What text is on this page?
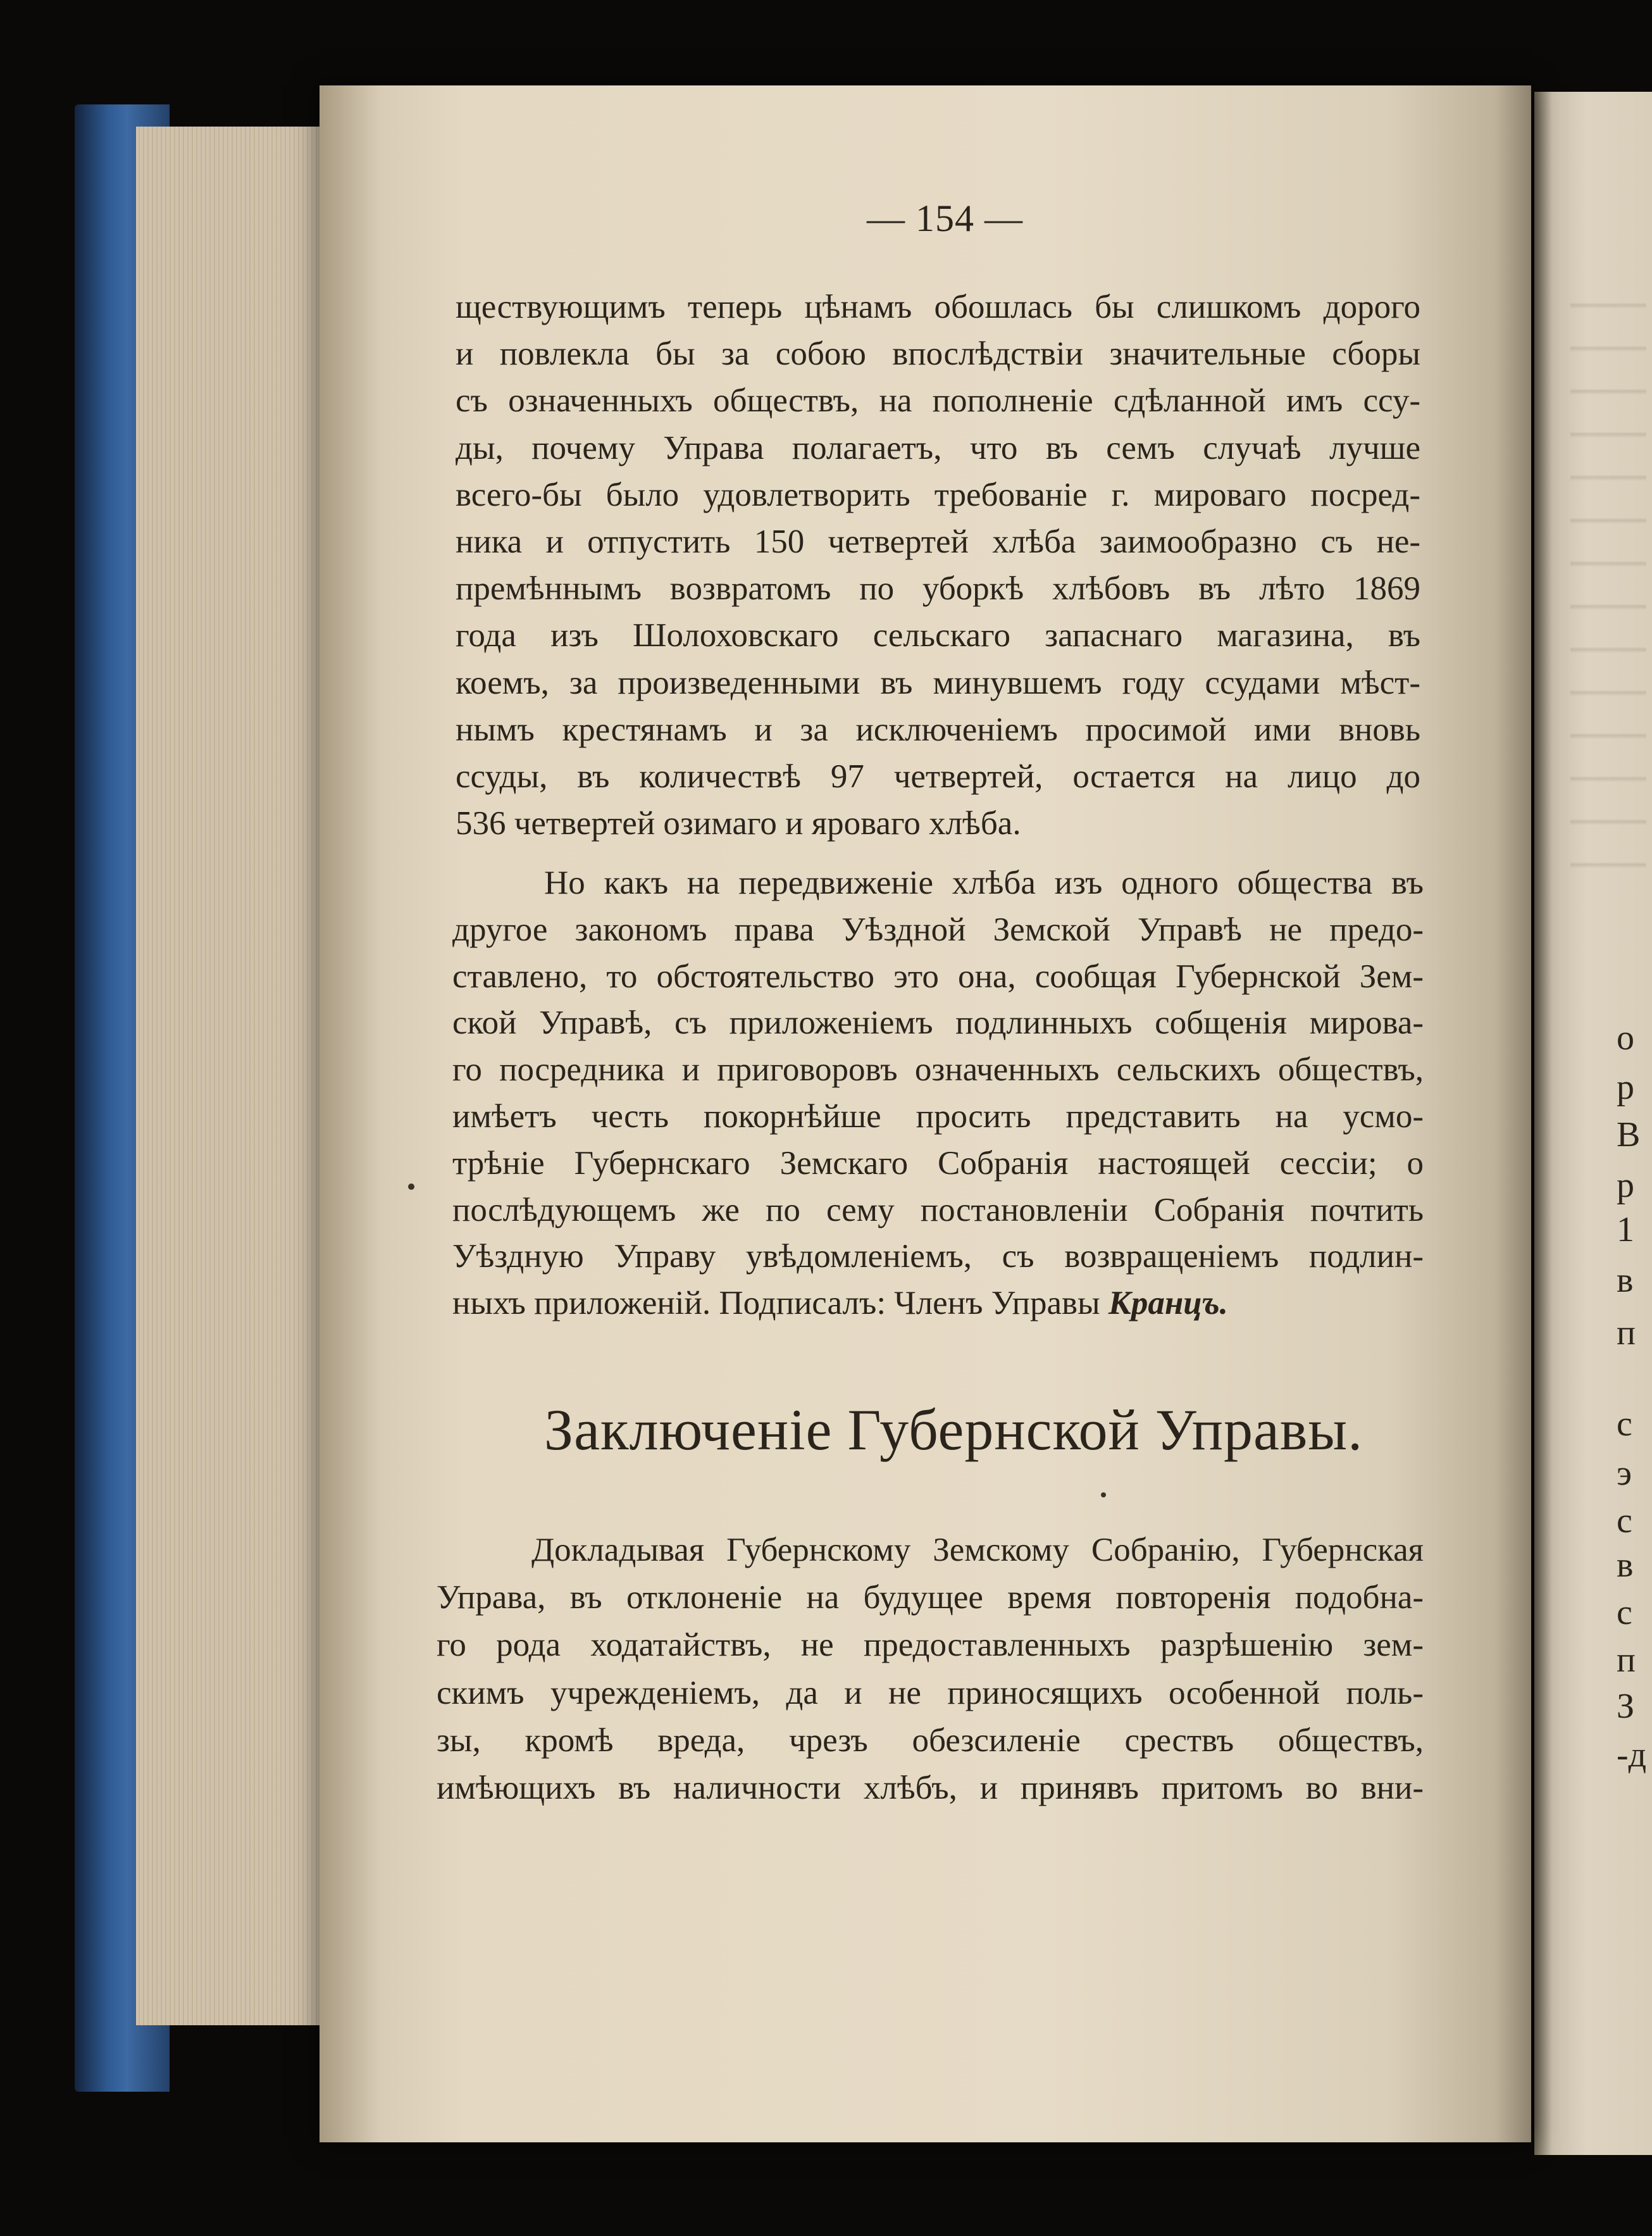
— 154 —
ществующимъ теперь цѣнамъ обошлась бы слишкомъ дорого
и повлекла бы за собою впослѣдствіи значительные сборы
съ означенныхъ обществъ, на пополненіе сдѣланной имъ ссу-
ды, почему Управа полагаетъ, что въ семъ случаѣ лучше
всего-бы было удовлетворить требованіе г. мироваго посред-
ника и отпустить 150 четвертей хлѣба заимообразно съ не-
премѣннымъ возвратомъ по уборкѣ хлѣбовъ въ лѣто 1869
года изъ Шолоховскаго сельскаго запаснаго магазина, въ
коемъ, за произведенными въ минувшемъ году ссудами мѣст-
нымъ крестянамъ и за исключеніемъ просимой ими вновь
ссуды, въ количествѣ 97 четвертей, остается на лицо до
536 четвертей озимаго и яроваго хлѣба.
Но какъ на передвиженіе хлѣба изъ одного общества въ
другое закономъ права Уѣздной Земской Управѣ не предо-
ставлено, то обстоятельство это она, сообщая Губернской Зем-
ской Управѣ, съ приложеніемъ подлинныхъ собщенія мирова-
го посредника и приговоровъ означенныхъ сельскихъ обществъ,
имѣетъ честь покорнѣйше просить представить на усмо-
трѣніе Губернскаго Земскаго Собранія настоящей сессіи; о
послѣдующемъ же по сему постановленіи Собранія почтить
Уѣздную Управу увѣдомленіемъ, съ возвращеніемъ подлин-
ныхъ приложеній. Подписалъ: Членъ Управы Кранцъ.
Заключеніе Губернской Управы.
Докладывая Губернскому Земскому Собранію, Губернская
Управа, въ отклоненіе на будущее время повторенія подобна-
го рода ходатайствъ, не предоставленныхъ разрѣшенію зем-
скимъ учрежденіемъ, да и не приносящихъ особенной поль-
зы, кромѣ вреда, чрезъ обезсиленіе срествъ обществъ,
имѣющихъ въ наличности хлѣбъ, и принявъ притомъ во вни-
о
р
В
р
1
в
п
с
э
с
в
с
п
З
-д
